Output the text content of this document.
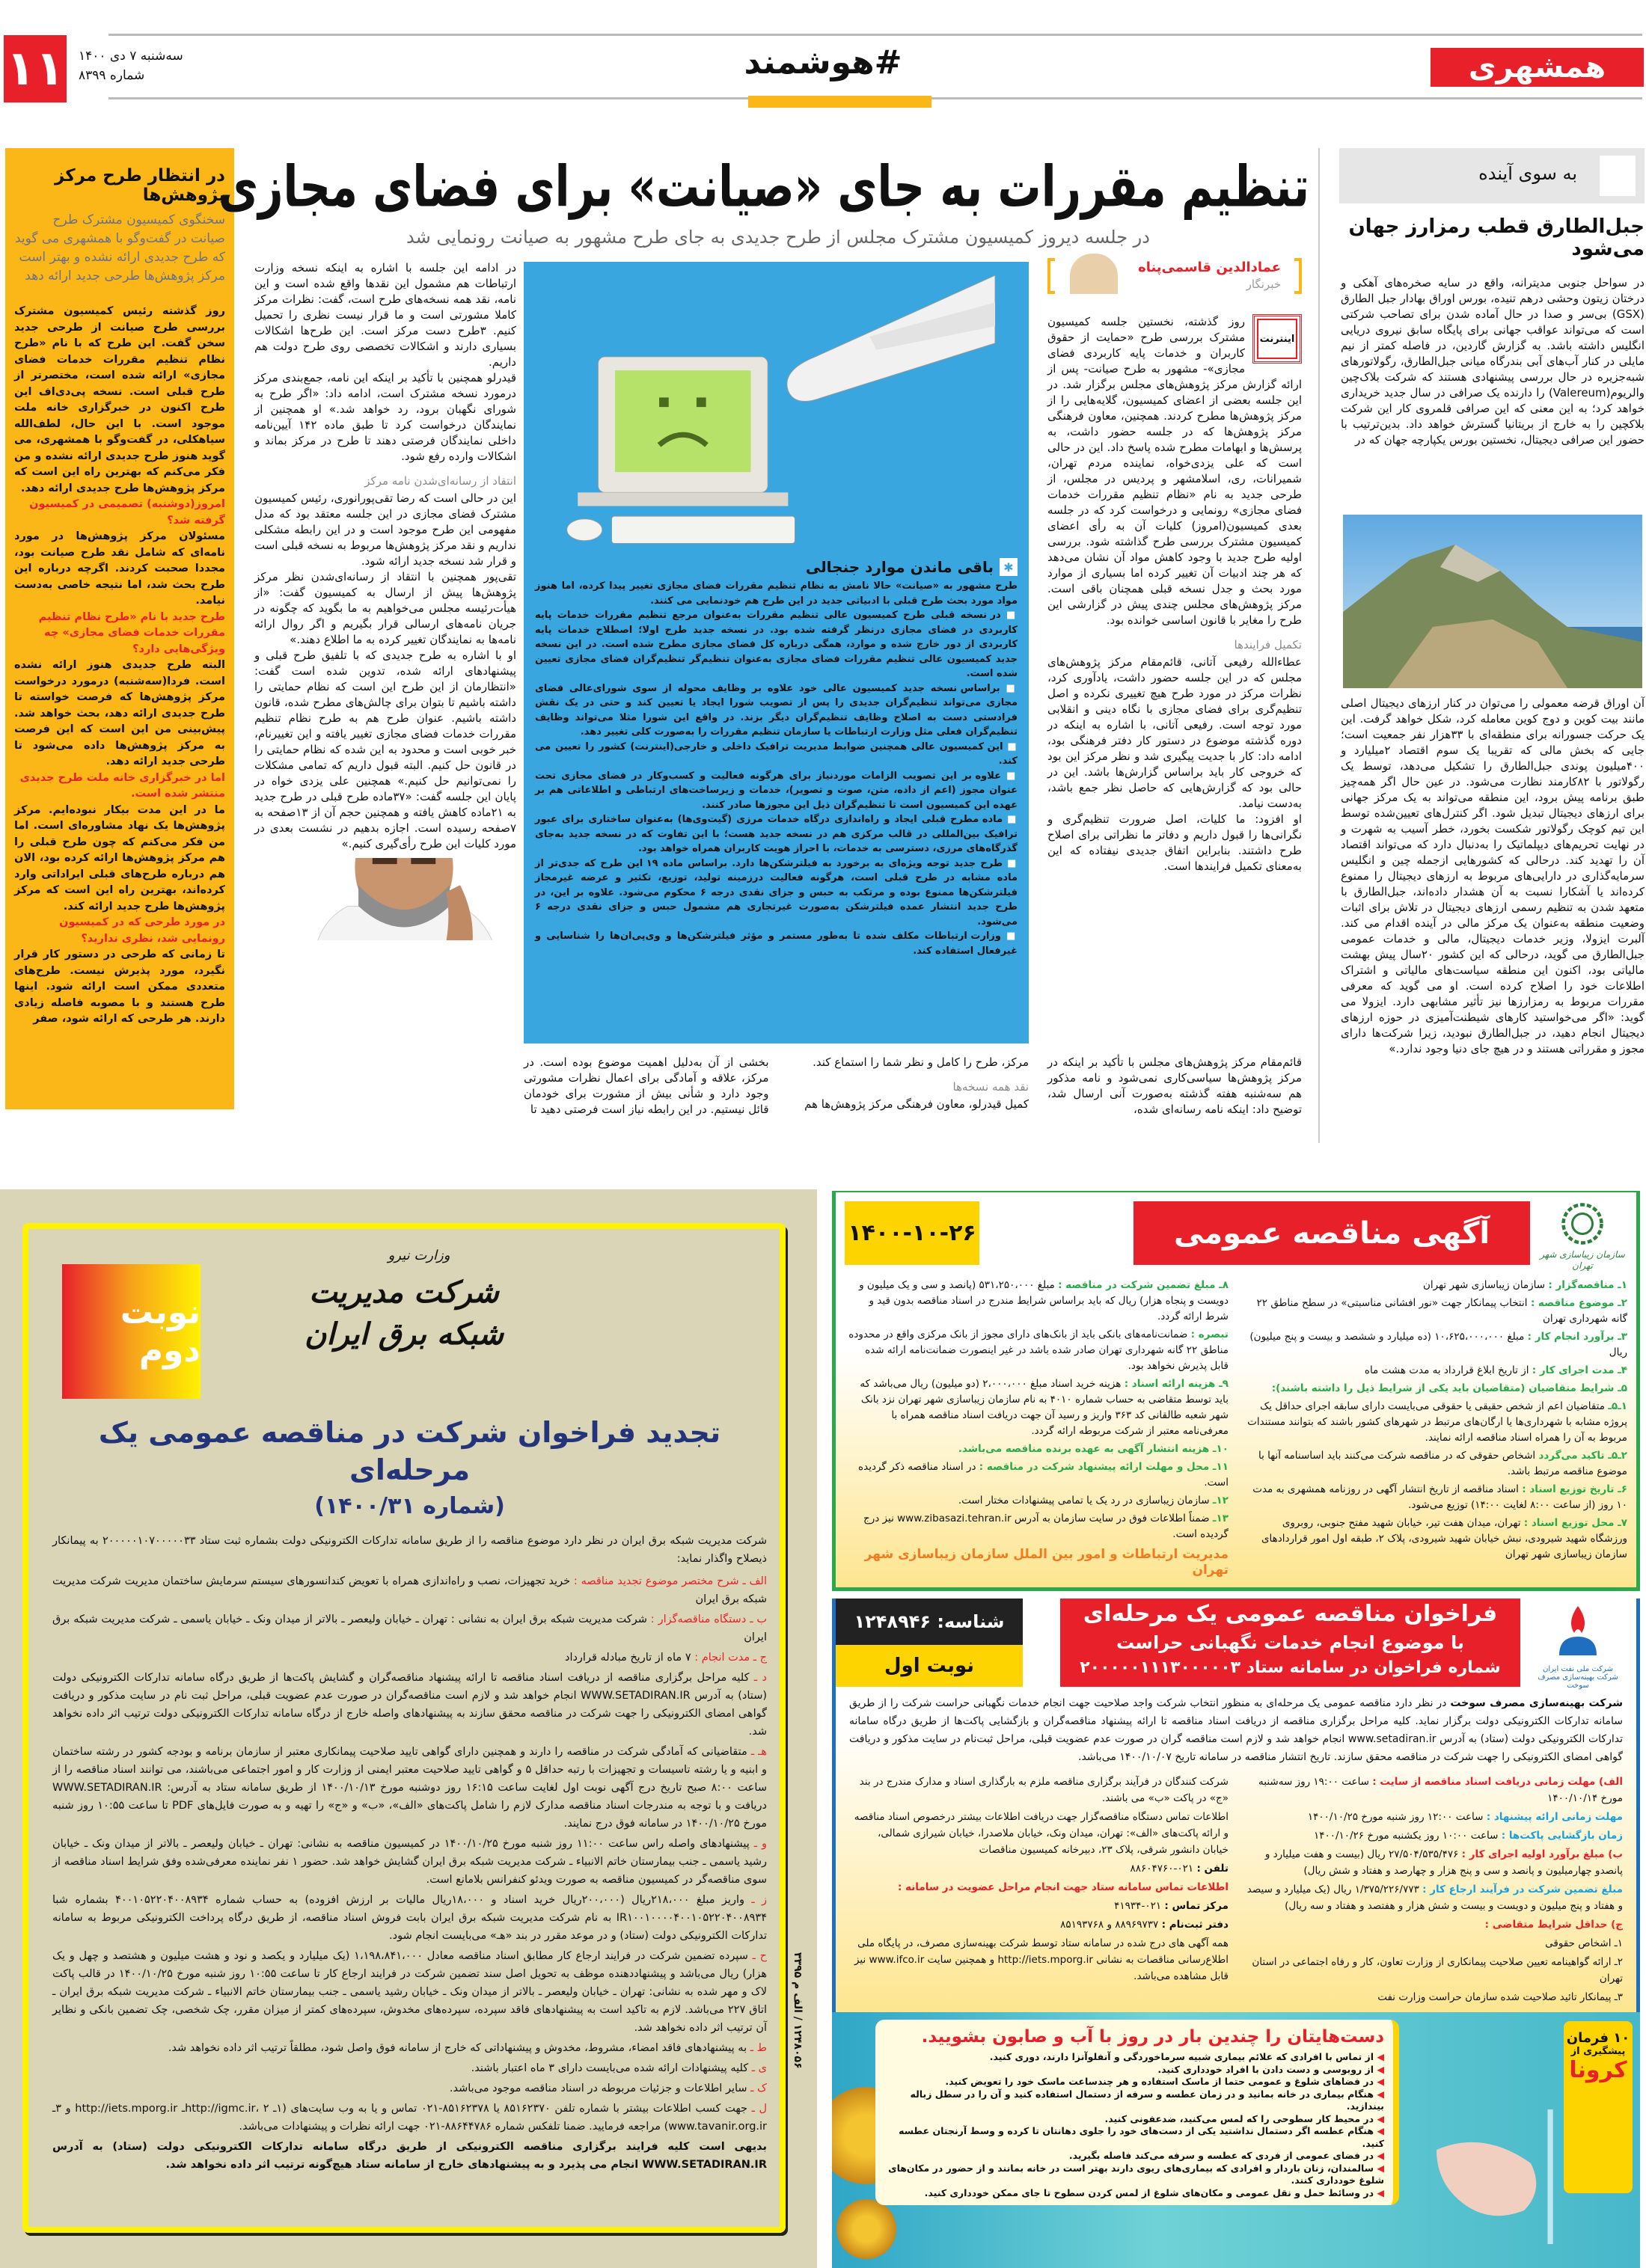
۱۱ سه‌شنبه ۷ دی ۱۴۰۰
شماره ۸۳۹۹	#هوشمند	همشهری
به سوی آینده
جبل‌الطارق قطب رمزارز جهان می‌شود

در سواحل جنوبی مدیترانه، واقع در سایه صخره‌های آهکی و درختان زیتون وحشی درهم تنیده، بورس اوراق بهادار جبل الطارق (GSX) بی‌سر و صدا در حال آماده شدن برای تصاحب شرکتی است که می‌تواند عواقب جهانی برای پایگاه سابق نیروی دریایی انگلیس داشته باشد. به گزارش گاردین، در فاصله کمتر از نیم مایلی در کنار آب‌های آبی بندرگاه میانی جبل‌الطارق، رگولاتورهای شبه‌جزیره در حال بررسی پیشنهادی هستند که شرکت بلاک‌چین والریوم(Valereum) را دارنده یک صرافی در سال جدید خریداری خواهد کرد؛ به این معنی که این صرافی قلمروی کار این شرکت بلاکچین را به خارج از بریتانیا گسترش خواهد داد. بدین‌ترتیب با حضور این صرافی دیجیتال، نخستین بورس یکپارچه جهان که در

آن اوراق قرضه معمولی را می‌توان در کنار ارزهای دیجیتال اصلی مانند بیت کوین و دوج کوین معامله کرد، شکل خواهد گرفت. این یک حرکت جسورانه برای منطقه‌ای با ۳۳هزار نفر جمعیت است؛ جایی که بخش مالی که تقریبا یک سوم اقتصاد ۲میلیارد و ۴۰۰میلیون پوندی جبل‌الطارق را تشکیل می‌دهد، توسط یک رگولاتور با ۸۲کارمند نظارت می‌شود. در عین حال اگر همه‌چیز طبق برنامه پیش برود، این منطقه می‌تواند به یک مرکز جهانی برای ارزهای دیجیتال تبدیل شود. اگر کنترل‌های تعیین‌شده توسط این تیم کوچک رگولاتور شکست بخورد، خطر آسیب به شهرت و در نهایت تحریم‌های دیپلماتیک را به‌دنبال دارد که می‌تواند اقتصاد آن را تهدید کند. درحالی که کشورهایی ازجمله چین و انگلیس سرمایه‌گذاری در دارایی‌های مربوط به ارزهای دیجیتال را ممنوع کرده‌اند یا آشکارا نسبت به آن هشدار داده‌اند، جبل‌الطارق با متعهد شدن به تنظیم رسمی ارزهای دیجیتال در تلاش برای اثبات وضعیت منطقه به‌عنوان یک مرکز مالی در آینده اقدام می کند. آلبرت ایزولا، وزیر خدمات دیجیتال، مالی و خدمات عمومی جبل‌الطارق می گوید، درحالی که این کشور ۲۰سال پیش بهشت مالیاتی بود، اکنون این منطقه سیاست‌های مالیاتی و اشتراک اطلاعات خود را اصلاح کرده است. او می گوید که معرفی مقررات مربوط به رمزارزها نیز تأثیر مشابهی دارد. ایزولا می گوید: «اگر می‌خواستید کارهای شیطنت‌آمیزی در حوزه ارزهای دیجیتال انجام دهید، در جبل‌الطارق نبودید، زیرا شرکت‌ها دارای مجوز و مقرراتی هستند و در هیچ جای دنیا وجود ندارد.»

در انتظار طرح مرکز پژوهش‌ها
سخنگوی کمیسیون مشترک طرح صیانت در گفت‌وگو با همشهری می گوید که طرح جدیدی ارائه نشده و بهتر است مرکز پژوهش‌ها طرحی جدید ارائه دهد

روز گذشته رئیس کمیسیون مشترک بررسی طرح صیانت از طرحی جدید سخن گفت. این طرح که با نام «طرح نظام تنظیم مقررات خدمات فضای مجازی» ارائه شده است، مختصرتر از طرح قبلی است. نسخه پی‌دی‌اف این طرح اکنون در خبرگزاری خانه ملت موجود است. با این حال، لطف‌الله سیاهکلی، در گفت‌وگو با همشهری، می گوید هنوز طرح جدیدی ارائه نشده و من فکر می‌کنم که بهترین راه این است که مرکز پژوهش‌ها طرح جدیدی ارائه دهد.

امروز(دوشنبه) تصمیمی در کمیسیون گرفته شد؟

مسئولان مرکز پژوهش‌ها در مورد نامه‌ای که شامل نقد طرح صیانت بود، مجددا صحبت کردند. اگرچه درباره این طرح بحث شد، اما نتیجه خاصی به‌دست نیامد.

طرح جدید با نام «طرح نظام تنظیم مقررات خدمات فضای مجازی» چه ویژگی‌هایی دارد؟

البته طرح جدیدی هنوز ارائه نشده است. فردا(سه‌شنبه) درمورد درخواست مرکز پژوهش‌ها که فرصت خواسته تا طرح جدیدی ارائه دهد، بحث خواهد شد. پیش‌بینی من این است که این فرصت به مرکز پژوهش‌ها داده می‌شود تا طرحی جدید ارائه دهد.

اما در خبرگزاری خانه ملت طرح جدیدی منتشر شده است.

ما در این مدت بیکار نبوده‌ایم. مرکز پژوهش‌ها یک نهاد مشاوره‌ای است. اما من فکر می‌کنم که چون طرح قبلی را هم مرکز پژوهش‌ها ارائه کرده بود، الان هم درباره طرح‌های قبلی ایراداتی وارد کرده‌اند، بهترین راه این است که مرکز پژوهش‌ها طرح جدید ارائه کند.

در مورد طرحی که در کمیسیون رونمایی شد، نظری ندارید؟

تا زمانی که طرحی در دستور کار قرار نگیرد، مورد پذیرش نیست. طرح‌های متعددی ممکن است ارائه شود. اینها طرح هستند و با مصوبه فاصله زیادی دارند. هر طرحی که ارائه شود، صفر

تنظیم مقررات به جای «صیانت» برای فضای مجازی
در جلسه دیروز کمیسیون مشترک مجلس از طرح جدیدی به جای طرح مشهور به صیانت رونمایی شد
عمادالدین قاسمی‌پناه
خبرنگار
اینترنت

روز گذشته، نخستین جلسه کمیسیون مشترک بررسی طرح «حمایت از حقوق کاربران و خدمات پایه کاربردی فضای مجازی»- مشهور به طرح صیانت- پس از ارائه گزارش مرکز پژوهش‌های مجلس برگزار شد. در این جلسه بعضی از اعضای کمیسیون، گلایه‌هایی را از مرکز پژوهش‌ها مطرح کردند. همچنین، معاون فرهنگی مرکز پژوهش‌ها که در جلسه حضور داشت، به پرسش‌ها و ابهامات مطرح شده پاسخ داد. این در حالی است که علی یزدی‌خواه، نماینده مردم تهران، شمیرانات، ری، اسلامشهر و پردیس در مجلس، از طرحی جدید به نام «نظام تنظیم مقررات خدمات فضای مجازی» رونمایی و درخواست کرد که در جلسه بعدی کمیسیون(امروز) کلیات آن به رأی اعضای کمیسیون مشترک بررسی طرح گذاشته شود. بررسی اولیه طرح جدید با وجود کاهش مواد آن نشان می‌دهد که هر چند ادبیات آن تغییر کرده اما بسیاری از موارد مورد بحث و جدل نسخه قبلی همچنان باقی است. مرکز پژوهش‌های مجلس چندی پیش در گزارشی این طرح را مغایر با قانون اساسی خوانده بود.

تکمیل فرایندها

عطاءالله رفیعی آتانی، قائم‌مقام مرکز پژوهش‌های مجلس که در این جلسه حضور داشت، یادآوری کرد، نظرات مرکز در مورد طرح هیچ تغییری نکرده و اصل تنظیم‌گری برای فضای مجازی با نگاه دینی و انقلابی مورد توجه است. رفیعی آتانی، با اشاره به اینکه در دوره گذشته موضوع در دستور کار دفتر فرهنگی بود، ادامه داد: کار با جدیت پیگیری شد و نظر مرکز این بود که خروجی کار باید براساس گزارش‌ها باشد. این در حالی بود که گزارش‌هایی که حاصل نظر جمع باشد، به‌دست نیامد.

او افزود: ما کلیات، اصل ضرورت تنظیم‌گری و نگرانی‌ها را قبول داریم و دفاتر ما نظراتی برای اصلاح طرح داشتند. بنابراین اتفاق جدیدی نیفتاده که این به‌معنای تکمیل فرایندها است.

✱
باقی ماندن موارد جنجالی

طرح مشهور به «صیانت» حالا نامش به نظام تنظیم مقررات فضای مجازی تغییر پیدا کرده، اما هنوز مواد مورد بحث طرح قبلی با ادبیاتی جدید در این طرح هم خودنمایی می کنند.

■ در نسخه قبلی طرح کمیسیون عالی تنظیم مقررات به‌عنوان مرجع تنظیم مقررات خدمات پایه کاربردی در فضای مجازی درنظر گرفته شده بود. در نسخه جدید طرح اولا؛ اصطلاح خدمات پایه کاربردی از دور خارج شده و موارد، همگی درباره کل فضای مجازی مطرح شده است. در این نسخه جدید کمیسیون عالی تنظیم مقررات فضای مجازی به‌عنوان تنظیم‌گر تنظیم‌گران فضای مجازی تعیین شده است.

■ براساس نسخه جدید کمیسیون عالی خود علاوه بر وظایف محوله از سوی شورای‌عالی فضای مجازی می‌تواند تنظیم‌گران جدیدی را پس از تصویب شورا ایجاد یا تعیین کند و حتی در یک نقش فرادستی دست به اصلاح وظایف تنظیم‌گران دیگر بزند. در واقع این شورا مثلا می‌تواند وظایف تنظیم‌گران فعلی مثل وزارت ارتباطات یا سازمان تنظیم مقررات را به‌صورت کلی تغییر دهد.

■ این کمیسیون عالی همچنین ضوابط مدیریت ترافیک داخلی و خارجی(اینترنت) کشور را تعیین می کند.

■ علاوه بر این تصویب الزامات موردنیاز برای هرگونه فعالیت و کسب‌وکار در فضای مجازی تحت عنوان مجوز (اعم از داده، متن، صوت و تصویر)، خدمات و زیرساخت‌های ارتباطی و اطلاعاتی هم بر عهده این کمیسیون است تا تنظیم‌گران ذیل این مجوزها صادر کنند.

■ ماده مطرح قبلی ایجاد و راه‌اندازی درگاه خدمات مرزی (گیت‌وی‌ها) به‌عنوان ساختاری برای عبور ترافیک بین‌المللی در قالب مرکزی هم در نسخه جدید هست؛ با این تفاوت که در نسخه جدید به‌جای گذرگاه‌های مرزی، دسترسی به خدمات، با احراز هویت کاربران همراه خواهد بود.

■ طرح جدید توجه ویژه‌ای به برخورد به فیلترشکن‌ها دارد. براساس ماده ۱۹ این طرح که جدی‌تر از ماده مشابه در طرح قبلی است، هرگونه فعالیت درزمینه تولید، توزیع، تکثیر و عرضه غیرمجاز فیلترشکن‌ها ممنوع بوده و مرتکب به حبس و جزای نقدی درجه ۶ محکوم می‌شود. علاوه بر این، در طرح جدید انتشار عمده فیلترشکن به‌صورت غیرتجاری هم مشمول حبس و جزای نقدی درجه ۶ می‌شود.

■ وزارت ارتباطات مکلف شده تا به‌طور مستمر و مؤثر فیلترشکن‌ها و وی‌پی‌ان‌ها را شناسایی و غیرفعال استفاده کند.

در ادامه این جلسه با اشاره به اینکه نسخه وزارت ارتباطات هم مشمول این نقدها واقع شده است و این نامه، نقد همه نسخه‌های طرح است، گفت: نظرات مرکز کاملا مشورتی است و ما قرار نیست نظری را تحمیل کنیم. ۳طرح دست مرکز است. این طرح‌ها اشکالات بسیاری دارند و اشکالات تخصصی روی طرح دولت هم داریم.

قیدرلو همچنین با تأکید بر اینکه این نامه، جمع‌بندی مرکز درمورد نسخه مشترک است، ادامه داد: «اگر طرح به شورای نگهبان برود، رد خواهد شد.» او همچنین از نمایندگان درخواست کرد تا طبق ماده ۱۴۲ آیین‌نامه داخلی نمایندگان فرصتی دهند تا طرح در مرکز بماند و اشکالات وارده رفع شود.

انتقاد از رسانه‌ای‌شدن نامه مرکز

این در حالی است که رضا تقی‌پورانوری، رئیس کمیسیون مشترک فضای مجازی در این جلسه معتقد بود که مدل مفهومی این طرح موجود است و در این رابطه مشکلی نداریم و نقد مرکز پژوهش‌ها مربوط به نسخه قبلی است و قرار شد نسخه جدید ارائه شود.

تقی‌پور همچنین با انتقاد از رسانه‌ای‌شدن نظر مرکز پژوهش‌ها پیش از ارسال به کمیسیون گفت: «از هیأت‌رئیسه مجلس می‌خواهیم به ما بگوید که چگونه در جریان نامه‌های ارسالی قرار بگیریم و اگر روال ارائه نامه‌ها به نمایندگان تغییر کرده به ما اطلاع دهند.»

او با اشاره به طرح جدیدی که با تلفیق طرح قبلی و پیشنهادهای ارائه شده، تدوین شده است گفت: «انتظارمان از این طرح این است که نظام حمایتی را داشته باشیم تا بتوان برای چالش‌های مطرح شده، قانون داشته باشیم. عنوان طرح هم به طرح نظام تنظیم مقررات خدمات فضای مجازی تغییر یافته و این تغییرنام، خبر خوبی است و محدود به این شده که نظام حمایتی را در قانون حل کنیم. البته قبول داریم که تمامی مشکلات را نمی‌توانیم حل کنیم.» همچنین علی یزدی خواه در پایان این جلسه گفت: «۳۷ماده طرح قبلی در طرح جدید به ۲۱ماده کاهش یافته و همچنین حجم آن از ۱۳صفحه به ۷صفحه رسیده است. اجازه بدهیم در نشست بعدی در مورد کلیات این طرح رأی‌گیری کنیم.»

قائم‌مقام مرکز پژوهش‌های مجلس با تأکید بر اینکه در مرکز پژوهش‌ها سیاسی‌کاری نمی‌شود و نامه مذکور هم سه‌شنبه هفته گذشته به‌صورت آنی ارسال شد، توضیح داد: اینکه نامه رسانه‌ای شده،

مرکز، طرح را کامل و نظر شما را استماع کند.

نقد همه نسخه‌ها

کمیل قیدرلو، معاون فرهنگی مرکز پژوهش‌ها هم

بخشی از آن به‌دلیل اهمیت موضوع بوده است. در مرکز، علاقه و آمادگی برای اعمال نظرات مشورتی وجود دارد و شأنی بیش از مشورت برای خودمان قائل نیستیم. در این رابطه نیاز است فرصتی دهید تا
نوبت دوم
وزارت نیرو
شرکت مدیریت شبکه برق ایران
۱۲۴۸۰۵۶ / الف م ۳۳۹۵
تجدید فراخوان شرکت در مناقصه عمومی یک مرحله‌ای
(شماره ۱۴۰۰/۳۱)

شرکت مدیریت شبکه برق ایران در نظر دارد موضوع مناقصه را از طریق سامانه تدارکات الکترونیکی دولت بشماره ثبت ستاد ۲۰۰۰۰۰۱۰۷۰۰۰۰۰۳۳ به پیمانکار ذیصلاح واگذار نماید:

الف ـ شرح مختصر موضوع تجدید مناقصه : خرید تجهیزات، نصب و راه‌اندازی همراه با تعویض کندانسورهای سیستم سرمایش ساختمان مدیریت شرکت مدیریت شبکه برق ایران

ب ـ دستگاه مناقصه‌گزار : شرکت مدیریت شبکه برق ایران به نشانی : تهران ـ خیابان ولیعصر ـ بالاتر از میدان ونک ـ خیابان یاسمی ـ شرکت مدیریت شبکه برق ایران

ج ـ مدت انجام : ۷ ماه از تاریخ مبادله قرارداد

د ـ کلیه مراحل برگزاری مناقصه از دریافت اسناد مناقصه تا ارائه پیشنهاد مناقصه‌گران و گشایش پاکت‌ها از طریق درگاه سامانه تدارکات الکترونیکی دولت (ستاد) به آدرس WWW.SETADIRAN.IR انجام خواهد شد و لازم است مناقصه‌گران در صورت عدم عضویت قبلی، مراحل ثبت نام در سایت مذکور و دریافت گواهی امضای الکترونیکی را جهت شرکت در مناقصه محقق سازند به پیشنهادهای واصله خارج از درگاه سامانه تدارکات الکترونیکی دولت ترتیب اثر داده نخواهد شد.

هـ ـ متقاضیانی که آمادگی شرکت در مناقصه را دارند و همچنین دارای گواهی تایید صلاحیت پیمانکاری معتبر از سازمان برنامه و بودجه کشور در رشته ساختمان و ابنیه و یا رشته تاسیسات و تجهیزات با رتبه حداقل ۵ و گواهی تایید صلاحیت معتبر ایمنی از وزارت کار و امور اجتماعی می‌باشند، می توانند اسناد مناقصه را از ساعت ۸:۰۰ صبح تاریخ درج آگهی نوبت اول لغایت ساعت ۱۶:۱۵ روز دوشنبه مورخ ۱۴۰۰/۱۰/۱۳ از طریق سامانه ستاد به آدرس: WWW.SETADIRAN.IR دریافت و با توجه به مندرجات اسناد مناقصه مدارک لازم را شامل پاکت‌های «الف»، «ب» و «ج» را تهیه و به صورت فایل‌های PDF تا ساعت ۱۰:۵۵ روز شنبه مورخ ۱۴۰۰/۱۰/۲۵ در سامانه فوق درج نمایند.

و ـ پیشنهادهای واصله راس ساعت ۱۱:۰۰ روز شنبه مورخ ۱۴۰۰/۱۰/۲۵ در کمیسیون مناقصه به نشانی: تهران ـ خیابان ولیعصر ـ بالاتر از میدان ونک ـ خیابان رشید یاسمی ـ جنب بیمارستان خاتم الانبیاء ـ شرکت مدیریت شبکه برق ایران گشایش خواهد شد. حضور ۱ نفر نماینده معرفی‌شده وفق شرایط اسناد مناقصه از سوی مناقصه‌گر در کمیسیون مناقصه به صورت ویدئو کنفرانس بلامانع است.

ز ـ واریز مبلغ ۲۱۸،۰۰۰ریال (۲۰۰،۰۰۰ریال خرید اسناد و ۱۸،۰۰۰ریال مالیات بر ارزش افزوده) به حساب شماره ۴۰۰۱۰۵۲۲۰۴۰۰۸۹۳۴ بشماره شبا IR۱۰۰۱۰۰۰۰۴۰۰۱۰۵۲۲۰۴۰۰۸۹۳۴ به نام شرکت مدیریت شبکه برق ایران بابت فروش اسناد مناقصه، از طریق درگاه پرداخت الکترونیکی مربوط به سامانه تدارکات الکترونیکی دولت (ستاد) و در موعد مقرر در بند «هـ» می‌بایست انجام شود.

ح ـ سپرده تضمین شرکت در فرایند ارجاع کار مطابق اسناد مناقصه معادل ۱،۱۹۸،۸۴۱،۰۰۰ (یک میلیارد و یکصد و نود و هشت میلیون و هشتصد و چهل و یک هزار) ریال می‌باشد و پیشنهاددهنده موظف به تحویل اصل سند تضمین شرکت در فرایند ارجاع کار تا ساعت ۱۰:۵۵ روز شنبه مورخ ۱۴۰۰/۱۰/۲۵ در قالب پاکت لاک و مهر شده به نشانی: تهران ـ خیابان ولیعصر ـ بالاتر از میدان ونک ـ خیابان رشید یاسمی ـ جنب بیمارستان خاتم الانبیاء ـ شرکت مدیریت شبکه برق ایران ـ اتاق ۲۲۷ می‌باشد. لازم به تاکید است به پیشنهادهای فاقد سپرده، سپرده‌های مخدوش، سپرده‌های کمتر از میزان مقرر، چک شخصی، چک تضمین بانکی و نظایر آن ترتیب اثر داده نخواهد شد.

ط ـ به پیشنهادهای فاقد امضاء، مشروط، مخدوش و پیشنهاداتی که خارج از سامانه فوق واصل شود، مطلقاً ترتیب اثر داده نخواهد شد.

ی ـ کلیه پیشنهادات ارائه شده می‌بایست دارای ۳ ماه اعتبار باشند.

ک ـ سایر اطلاعات و جزئیات مربوطه در اسناد مناقصه موجود می‌باشد.

ل ـ جهت کسب اطلاعات بیشتر با شماره تلفن ۸۵۱۶۲۳۷۰ یا ۸۵۱۶۲۳۷۸-۰۲۱ تماس و یا به وب سایت‌های (۱ـ http://igmc.ir، ۲ـ http://iets.mporg.ir و ۳ـ www.tavanir.org.ir) مراجعه فرمایید. ضمنا تلفکس شماره ۸۸۶۴۴۷۸۶-۰۲۱ جهت ارائه نظرات و پیشنهادات می‌باشد.

بدیهی است کلیه فرایند برگزاری مناقصه الکترونیکی از طریق درگاه سامانه تدارکات الکترونیکی دولت (ستاد) به آدرس WWW.SETADIRAN.IR انجام می پذیرد و به پیشنهادهای خارج از سامانه ستاد هیچ‌گونه ترتیب اثر داده نخواهد شد.

سازمان زیباسازی شهر تهران
آگهی مناقصه عمومی
۱۴۰۰-۱۰-۲۶

۱ـ مناقصه‌گزار : سازمان زیباسازی شهر تهران

۲ـ موضوع مناقصه : انتخاب پیمانکار جهت «نور افشانی مناسبتی» در سطح مناطق ۲۲ گانه شهرداری تهران

۳ـ برآورد انجام کار : مبلغ ۱۰،۶۲۵،۰۰۰،۰۰۰ (ده میلیارد و ششصد و بیست و پنج میلیون) ریال

۴ـ مدت اجرای کار : از تاریخ ابلاغ قرارداد به مدت هشت ماه

۵ـ شرایط متقاضیان (متقاضیان باید یکی از شرایط ذیل را داشته باشند):

۱ـ۵ـ متقاضیان اعم از شخص حقیقی یا حقوقی می‌بایست دارای سابقه اجرای حداقل یک پروژه مشابه با شهرداری‌ها یا ارگان‌های مرتبط در شهرهای کشور باشند که بتوانند مستندات مربوط به آن را همراه اسناد مناقصه ارائه نمایند.

۲ـ۵ـ تاکید می‌گردد اشخاص حقوقی که در مناقصه شرکت می‌کنند باید اساسنامه آنها با موضوع مناقصه مرتبط باشد.

۶ـ تاریخ توزیع اسناد : اسناد مناقصه از تاریخ انتشار آگهی در روزنامه همشهری به مدت ۱۰ روز (از ساعت ۸:۰۰ لغایت ۱۴:۰۰) توزیع می‌شود.

۷ـ محل توزیع اسناد : تهران، میدان هفت تیر، خیابان شهید مفتح جنوبی، روبروی ورزشگاه شهید شیرودی، نبش خیابان شهید شیرودی، پلاک ۲، طبقه اول امور قراردادهای سازمان زیباسازی شهر تهران

۸ـ مبلغ تضمین شرکت در مناقصه : مبلغ ۵۳۱،۲۵۰،۰۰۰ (پانصد و سی و یک میلیون و دویست و پنجاه هزار) ریال که باید براساس شرایط مندرج در اسناد مناقصه بدون قید و شرط ارائه گردد.

تبصره : ضمانت‌نامه‌های بانکی باید از بانک‌های دارای مجوز از بانک مرکزی واقع در محدوده مناطق ۲۲ گانه شهرداری تهران صادر شده باشد در غیر اینصورت ضمانت‌نامه ارائه شده قابل پذیرش نخواهد بود.

۹ـ هزینه ارائه اسناد : هزینه خرید اسناد مبلغ ۲،۰۰۰،۰۰۰ (دو میلیون) ریال می‌باشد که باید توسط متقاضی به حساب شماره ۴۰۱۰ به نام سازمان زیباسازی شهر تهران نزد بانک شهر شعبه طالقانی کد ۳۶۳ واریز و رسید آن جهت دریافت اسناد مناقصه همراه با معرفی‌نامه معتبر از شرکت مربوطه ارائه گردد.

۱۰ـ هزینه انتشار آگهی به عهده برنده مناقصه می‌باشد.

۱۱ـ محل و مهلت ارائه پیشنهاد شرکت در مناقصه : در اسناد مناقصه ذکر گردیده است.

۱۲ـ سازمان زیباسازی در رد یک یا تمامی پیشنهادات مختار است.

۱۳ـ ضمناً اطلاعات فوق در سایت سازمان به آدرس www.zibasazi.tehran.ir نیز درج گردیده است.

مدیریت ارتباطات و امور بین الملل سازمان زیباسازی شهر تهران
شرکت ملی نفت ایران
شرکت بهینه‌سازی مصرف سوخت
فراخوان مناقصه عمومی یک مرحله‌ای
با موضوع انجام خدمات نگهبانی حراست
شماره فراخوان در سامانه ستاد ۲۰۰۰۰۰۱۱۱۳۰۰۰۰۰۳
شناسه: ۱۲۴۸۹۴۶
نوبت اول
شرکت بهینه‌سازی مصرف سوخت در نظر دارد مناقصه عمومی یک مرحله‌ای به منظور انتخاب شرکت واجد صلاحیت جهت انجام خدمات نگهبانی حراست شرکت را از طریق سامانه تدارکات الکترونیکی دولت برگزار نماید. کلیه مراحل برگزاری مناقصه از دریافت اسناد مناقصه تا ارائه پیشنهاد مناقصه‌گران و بازگشایی پاکت‌ها از طریق درگاه سامانه تدارکات الکترونیکی دولت (ستاد) به آدرس www.setadiran.ir انجام خواهد شد و لازم است مناقصه گران در صورت عدم عضویت قبلی، مراحل ثبت‌نام در سایت مذکور و دریافت گواهی امضای الکترونیکی را جهت شرکت در مناقصه محقق سازند. تاریخ انتشار مناقصه در سامانه تاریخ ۱۴۰۰/۱۰/۰۷ می‌باشد.

الف) مهلت زمانی دریافت اسناد مناقصه از سایت : ساعت ۱۹:۰۰ روز سه‌شنبه مورخ ۱۴۰۰/۱۰/۱۴

مهلت زمانی ارائه پیشنهاد : ساعت ۱۲:۰۰ روز شنبه مورخ ۱۴۰۰/۱۰/۲۵

زمان بازگشایی پاکت‌ها : ساعت ۱۰:۰۰ روز یکشنبه مورخ ۱۴۰۰/۱۰/۲۶

ب) مبلغ برآورد اولیه اجرای کار : ۲۷/۵۰۴/۵۳۵/۴۷۶ ریال (بیست و هفت میلیارد و پانصدو چهارمیلیون و پانصد و سی و پنج هزار و چهارصد و هفتاد و شش ریال)

مبلغ تضمین شرکت در فرآیند ارجاع کار : ۱/۳۷۵/۲۲۶/۷۷۳ ریال (یک میلیارد و سیصد و هفتاد و پنج میلیون و دویست و بیست و شش هزار و هفتصد و هفتاد و سه ریال)

ج) حداقل شرایط متقاضی :

۱ـ اشخاص حقوقی

۲ـ ارائه گواهینامه تعیین صلاحیت پیمانکاری از وزارت تعاون، کار و رفاه اجتماعی در استان تهران

۳ـ پیمانکار تائید صلاحیت شده سازمان حراست وزارت نفت

شرکت کنندگان در فرآیند برگزاری مناقصه ملزم به بارگذاری اسناد و مدارک مندرج در بند «ج» در پاکت «ب» می باشند.

اطلاعات تماس دستگاه مناقصه‌گزار جهت دریافت اطلاعات بیشتر درخصوص اسناد مناقصه و ارائه پاکت‌های «الف»: تهران، میدان ونک، خیابان ملاصدرا، خیابان شیرازی شمالی، خیابان دانشور شرقی، پلاک ۲۳، دبیرخانه کمیسیون مناقصات

تلفن : ۰۲۱-۸۸۶۰۴۷۶۰

اطلاعات تماس سامانه ستاد جهت انجام مراحل عضویت در سامانه :

مرکز تماس : ۰۲۱-۴۱۹۳۴

دفتر ثبت‌نام : ۸۸۹۶۹۷۳۷ و ۸۵۱۹۳۷۶۸

همه آگهی های درج شده در سامانه ستاد توسط شرکت بهینه‌سازی مصرف، در پایگاه ملی اطلاع‌رسانی مناقصات به نشانی http://iets.mporg.ir و همچنین سایت www.ifco.ir نیز قابل مشاهده می‌باشد.

دست‌هایتان را چندین بار در روز با آب و صابون بشویید.
◀ از تماس با افرادی که علائم بیماری شبیه سرماخوردگی و آنفلوآنزا دارند، دوری کنید.
◀ از روبوسی و دست دادن با افراد خودداری کنید.
◀ در فضاهای شلوغ و عمومی حتما از ماسک استفاده و هر چندساعت ماسک خود را تعویض کنید.
◀ هنگام بیماری در خانه بمانید و در زمان عطسه و سرفه از دستمال استفاده کنید و آن را در سطل زباله بیندازید.
◀ در محیط کار سطوحی را که لمس می‌کنید، ضدعفونی کنید.
◀ هنگام عطسه اگر دستمال نداشتید یکی از دست‌های خود را جلوی دهانتان تا کرده و وسط آرنجتان عطسه کنید.
◀ در فضای عمومی از فردی که عطسه و سرفه می‌کند فاصله بگیرید.
◀ سالمندان، زنان باردار و افرادی که بیماری‌های ریوی دارند بهتر است در خانه بمانند و از حضور در مکان‌های شلوغ خودداری کنند.
◀ در وسائط حمل و نقل عمومی و مکان‌های شلوغ از لمس کردن سطوح تا جای ممکن خودداری کنید.
۱۰ فرمان
پیشگیری از
کرونا
